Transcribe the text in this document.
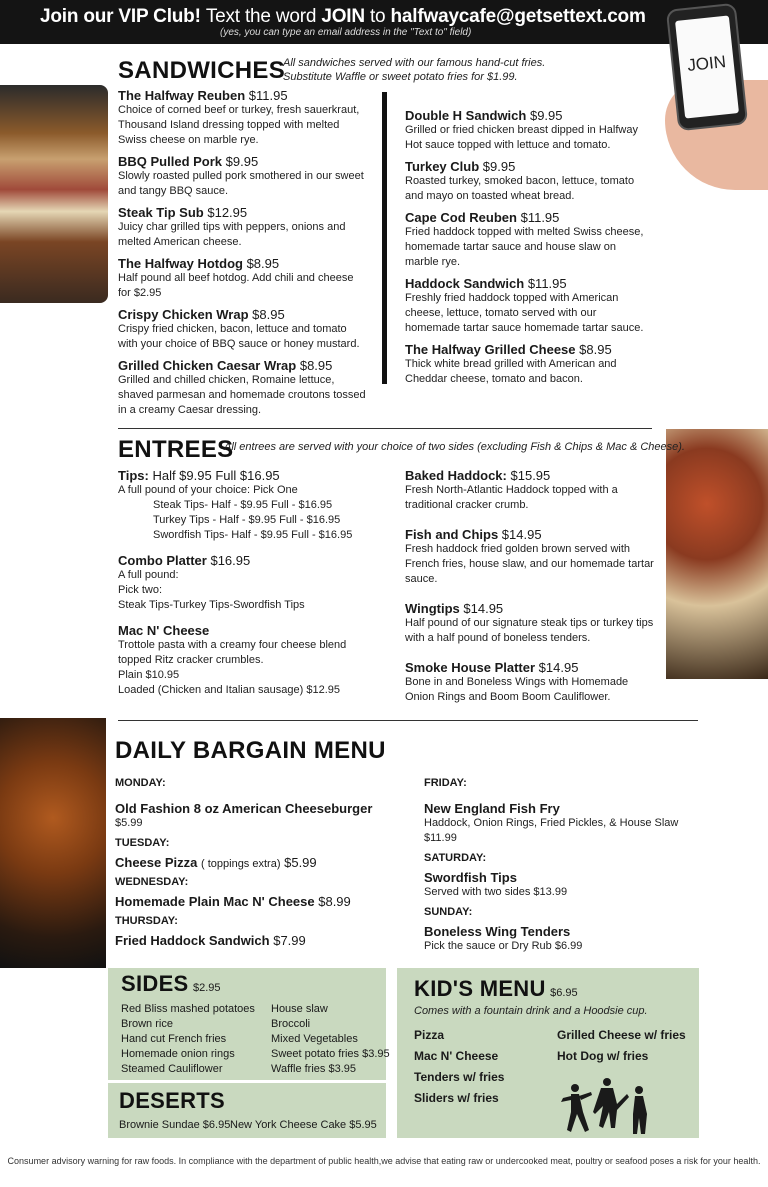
Join our VIP Club! Text the word JOIN to halfwaycafe@getsettext.com
(yes, you can type an email address in the "Text to" field)
JOIN
SANDWICHES
All sandwiches served with our famous hand-cut fries. Substitute Waffle or sweet potato fries for $1.99.
The Halfway Reuben $11.95
Choice of corned beef or turkey, fresh sauerkraut, Thousand Island dressing topped with melted Swiss cheese on marble rye.
BBQ Pulled Pork $9.95
Slowly roasted pulled pork smothered in our sweet and tangy BBQ sauce.
Steak Tip Sub $12.95
Juicy char grilled tips with peppers, onions and melted American cheese.
The Halfway Hotdog $8.95
Half pound all beef hotdog. Add chili and cheese for $2.95
Crispy Chicken Wrap $8.95
Crispy fried chicken, bacon, lettuce and tomato with your choice of BBQ sauce or honey mustard.
Grilled Chicken Caesar Wrap $8.95
Grilled and chilled chicken, Romaine lettuce, shaved parmesan and homemade croutons tossed in a creamy Caesar dressing.
Double H Sandwich $9.95
Grilled or fried chicken breast dipped in Halfway Hot sauce topped with lettuce and tomato.
Turkey Club $9.95
Roasted turkey, smoked bacon, lettuce, tomato and mayo on toasted wheat bread.
Cape Cod Reuben $11.95
Fried haddock topped with melted Swiss cheese, homemade tartar sauce and house slaw on marble rye.
Haddock Sandwich $11.95
Freshly fried haddock topped with American cheese, lettuce, tomato served with our homemade tartar sauce homemade tartar sauce.
The Halfway Grilled Cheese $8.95
Thick white bread grilled with American and Cheddar cheese, tomato and bacon.
ENTREES
All entrees are served with your choice of two sides (excluding Fish & Chips & Mac & Cheese).
Tips: Half $9.95 Full $16.95
A full pound of your choice: Pick One
Steak Tips- Half - $9.95 Full - $16.95
Turkey Tips - Half - $9.95 Full - $16.95
Swordfish Tips- Half - $9.95 Full - $16.95
Combo Platter $16.95
A full pound:
Pick two:
Steak Tips-Turkey Tips-Swordfish Tips
Mac N' Cheese
Trottole pasta with a creamy four cheese blend topped Ritz cracker crumbles.
Plain $10.95
Loaded (Chicken and Italian sausage) $12.95
Baked Haddock: $15.95
Fresh North-Atlantic Haddock topped with a traditional cracker crumb.
Fish and Chips $14.95
Fresh haddock fried golden brown served with French fries, house slaw, and our homemade tartar sauce.
Wingtips $14.95
Half pound of our signature steak tips or turkey tips with a half pound of boneless tenders.
Smoke House Platter $14.95
Bone in and Boneless Wings with Homemade Onion Rings and Boom Boom Cauliflower.
DAILY BARGAIN MENU
MONDAY:
Old Fashion 8 oz American Cheeseburger
$5.99
TUESDAY:
Cheese Pizza ( toppings extra) $5.99
WEDNESDAY:
Homemade Plain Mac N' Cheese $8.99
THURSDAY:
Fried Haddock Sandwich $7.99
FRIDAY:
New England Fish Fry
Haddock, Onion Rings, Fried Pickles, & House Slaw $11.99
SATURDAY:
Swordfish Tips
Served with two sides $13.99
SUNDAY:
Boneless Wing Tenders
Pick the sauce or Dry Rub $6.99
SIDES $2.95
Red Bliss mashed potatoes
Brown rice
Hand cut French fries
Homemade onion rings
Steamed Cauliflower
House slaw
Broccoli
Mixed Vegetables
Sweet potato fries $3.95
Waffle fries $3.95
DESERTS
Brownie Sundae $6.95 New York Cheese Cake $5.95
KID'S MENU $6.95
Comes with a fountain drink and a Hoodsie cup.
Pizza
Mac N' Cheese
Tenders w/ fries
Sliders w/ fries
Grilled Cheese w/ fries
Hot Dog w/ fries
Consumer advisory warning for raw foods. In compliance with the department of public health,we advise that eating raw or undercooked meat, poultry or seafood poses a risk for your health.
